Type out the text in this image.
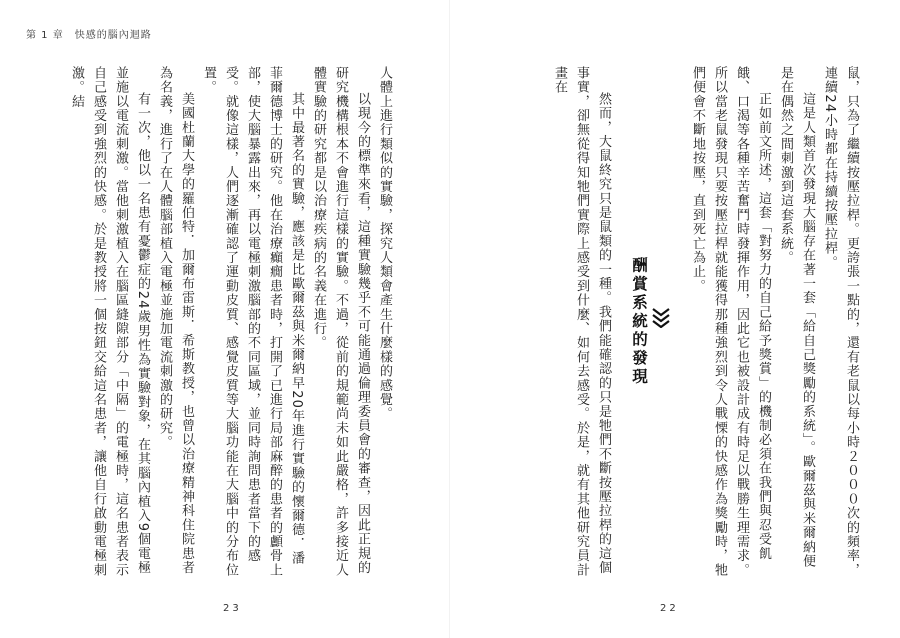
第 1 章　快感的腦內迴路

人體上進行類似的實驗，探究人類會產生什麼樣的感覺。

以現今的標準來看，這種實驗幾乎不可能通過倫理委員會的審查，因此正規的研究機構根本不會進行這樣的實驗。不過，從前的規範尚未如此嚴格，許多接近人體實驗的研究都是以治療疾病的名義在進行。

其中最著名的實驗，應該是比歐爾茲與米爾納早20年進行實驗的懷爾德．潘菲爾德博士的研究。他在治療癲癇患者時，打開了已進行局部麻醉的患者的顱骨上部，使大腦暴露出來，再以電極刺激腦部的不同區域，並同時詢問患者當下的感受。就像這樣，人們逐漸確認了運動皮質、感覺皮質等大腦功能在大腦中的分布位置。

美國杜蘭大學的羅伯特．加爾布雷斯．希斯教授，也曾以治療精神科住院患者為名義，進行了在人體腦部植入電極並施加電流刺激的研究。

有一次，他以一名患有憂鬱症的24歲男性為實驗對象，在其腦內植入9個電極並施以電流刺激。當他刺激植入在腦區縫隙部分「中隔」的電極時，這名患者表示自己感受到強烈的快感。於是教授將一個按鈕交給這名患者，讓他自行啟動電極刺激。結

23

鼠，只為了繼續按壓拉桿。更誇張一點的，還有老鼠以每小時２０００次的頻率，連續24小時都在持續按壓拉桿。

這是人類首次發現大腦存在著一套「給自己獎勵的系統」。歐爾茲與米爾納便是在偶然之間刺激到這套系統。

正如前文所述，這套「對努力的自己給予獎賞」的機制必須在我們與忍受飢餓、口渴等各種辛苦奮鬥時發揮作用，因此它也被設計成有時足以戰勝生理需求。所以當老鼠發現只要按壓拉桿就能獲得那種強烈到令人戰慄的快感作為獎勵時，牠們便會不斷地按壓，直到死亡為止。

酬賞系統的發現

然而，大鼠終究只是鼠類的一種。我們能確認的只是牠們不斷按壓拉桿的這個事實，卻無從得知牠們實際上感受到什麼、如何去感受。於是，就有其他研究員計畫在

22
